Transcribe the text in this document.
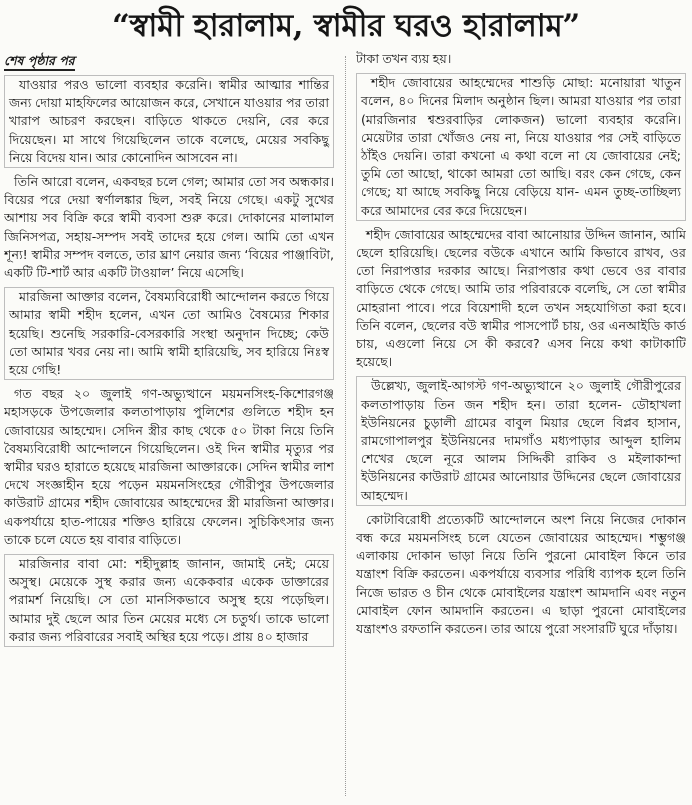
“স্বামী হারালাম, স্বামীর ঘরও হারালাম”
শেষ পৃষ্ঠার পর

যাওয়ার পরও ভালো ব্যবহার করেনি। স্বামীর আত্মার শান্তির জন্য দোয়া মাহফিলের আয়োজন করে, সেখানে যাওয়ার পর তারা খারাপ আচরণ করছেন। বাড়িতে থাকতে দেয়নি, বের করে দিয়েছেন। মা সাথে গিয়েছিলেন তাকে বলেছে, মেয়ের সবকিছু নিয়ে বিদেয় যান। আর কোনোদিন আসবেন না।

তিনি আরো বলেন, একবছর চলে গেল; আমার তো সব অন্ধকার। বিয়ের পরে দেয়া স্বর্ণালঙ্কার ছিল, সবই নিয়ে গেছে। একটু সুখের আশায় সব বিক্রি করে স্বামী ব্যবসা শুরু করে। দোকানের মালামাল জিনিসপত্র, সহায়-সম্পদ সবই তাদের হয়ে গেল। আমি তো এখন শূন্য! স্বামীর সম্পদ বলতে, তার ঘ্রাণ নেয়ার জন্য ‘বিয়ের পাঞ্জাবিটা, একটি টি-শার্ট আর একটি টাওয়াল’ নিয়ে এসেছি।

মারজিনা আক্তার বলেন, বৈষম্যবিরোধী আন্দোলন করতে গিয়ে আমার স্বামী শহীদ হলেন, এখন তো আমিও বৈষম্যের শিকার হয়েছি। শুনেছি সরকারি-বেসরকারি সংস্থা অনুদান দিচ্ছে; কেউ তো আমার খবর নেয় না। আমি স্বামী হারিয়েছি, সব হারিয়ে নিঃস্ব হয়ে গেছি!

গত বছর ২০ জুলাই গণ-অভ্যুত্থানে ময়মনসিংহ-কিশোরগঞ্জ মহাসড়কে উপজেলার কলতাপাড়ায় পুলিশের গুলিতে শহীদ হন জোবায়ের আহম্মেদ। সেদিন স্ত্রীর কাছ থেকে ৫০ টাকা নিয়ে তিনি বৈষম্যবিরোধী আন্দোলনে গিয়েছিলেন। ওই দিন স্বামীর মৃত্যুর পর স্বামীর ঘরও হারাতে হয়েছে মারজিনা আক্তারকে। সেদিন স্বামীর লাশ দেখে সংজ্ঞাহীন হয়ে পড়েন ময়মনসিংহের গৌরীপুর উপজেলার কাউরাট গ্রামের শহীদ জোবায়ের আহম্মেদের স্ত্রী মারজিনা আক্তার। একপর্যায়ে হাত-পায়ের শক্তিও হারিয়ে ফেলেন। সুচিকিৎসার জন্য তাকে চলে যেতে হয় বাবার বাড়িতে।

মারজিনার বাবা মো: শহীদুল্লাহ জানান, জামাই নেই; মেয়ে অসুস্থ। মেয়েকে সুস্থ করার জন্য একেকবার একেক ডাক্তারের পরামর্শ নিয়েছি। সে তো মানসিকভাবে অসুস্থ হয়ে পড়েছিল। আমার দুই ছেলে আর তিন মেয়ের মধ্যে সে চতুর্থ। তাকে ভালো করার জন্য পরিবারের সবাই অস্থির হয়ে পড়ে। প্রায় ৪০ হাজার

টাকা তখন ব্যয় হয়।

শহীদ জোবায়ের আহম্মেদের শাশুড়ি মোছা: মনোয়ারা খাতুন বলেন, ৪০ দিনের মিলাদ অনুষ্ঠান ছিল। আমরা যাওয়ার পর তারা (মারজিনার শ্বশুরবাড়ির লোকজন) ভালো ব্যবহার করেনি। মেয়েটার তারা খোঁজও নেয় না, নিয়ে যাওয়ার পর সেই বাড়িতে ঠাঁইও দেয়নি। তারা কখনো এ কথা বলে না যে জোবায়ের নেই; তুমি তো আছো, থাকো আমরা তো আছি। বরং কেন গেছে, কেন গেছে; যা আছে সবকিছু নিয়ে বেড়িয়ে যান- এমন তুচ্ছ-তাচ্ছিল্য করে আমাদের বের করে দিয়েছেন।

শহীদ জোবায়ের আহম্মেদের বাবা আনোয়ার উদ্দিন জানান, আমি ছেলে হারিয়েছি। ছেলের বউকে এখানে আমি কিভাবে রাখব, ওর তো নিরাপত্তার দরকার আছে। নিরাপত্তার কথা ভেবে ওর বাবার বাড়িতে থেকে গেছে। আমি তার পরিবারকে বলেছি, সে তো স্বামীর মোহরানা পাবে। পরে বিয়েশাদী হলে তখন সহযোগিতা করা হবে। তিনি বলেন, ছেলের বউ স্বামীর পাসপোর্ট চায়, ওর এনআইডি কার্ড চায়, এগুলো নিয়ে সে কী করবে? এসব নিয়ে কথা কাটাকাটি হয়েছে।

উল্লেখ্য, জুলাই-আগস্ট গণ-অভ্যুত্থানে ২০ জুলাই গৌরীপুরের কলতাপাড়ায় তিন জন শহীদ হন। তারা হলেন- ডৌহাখলা ইউনিয়নের চুড়ালী গ্রামের বাবুল মিয়ার ছেলে বিপ্লব হাসান, রামগোপালপুর ইউনিয়নের দামগাঁও মধ্যপাড়ার আব্দুল হালিম শেখের ছেলে নূরে আলম সিদ্দিকী রাকিব ও মইলাকান্দা ইউনিয়নের কাউরাট গ্রামের আনোয়ার উদ্দিনের ছেলে জোবায়ের আহম্মেদ।

কোটাবিরোধী প্রত্যেকটি আন্দোলনে অংশ নিয়ে নিজের দোকান বন্ধ করে ময়মনসিংহ চলে যেতেন জোবায়ের আহম্মেদ। শম্ভুগঞ্জ এলাকায় দোকান ভাড়া নিয়ে তিনি পুরনো মোবাইল কিনে তার যন্ত্রাংশ বিক্রি করতেন। একপর্যায়ে ব্যবসার পরিধি ব্যাপক হলে তিনি নিজে ভারত ও চীন থেকে মোবাইলের যন্ত্রাংশ আমদানি এবং নতুন মোবাইল ফোন আমদানি করতেন। এ ছাড়া পুরনো মোবাইলের যন্ত্রাংশও রফতানি করতেন। তার আয়ে পুরো সংসারটি ঘুরে দাঁড়ায়।
